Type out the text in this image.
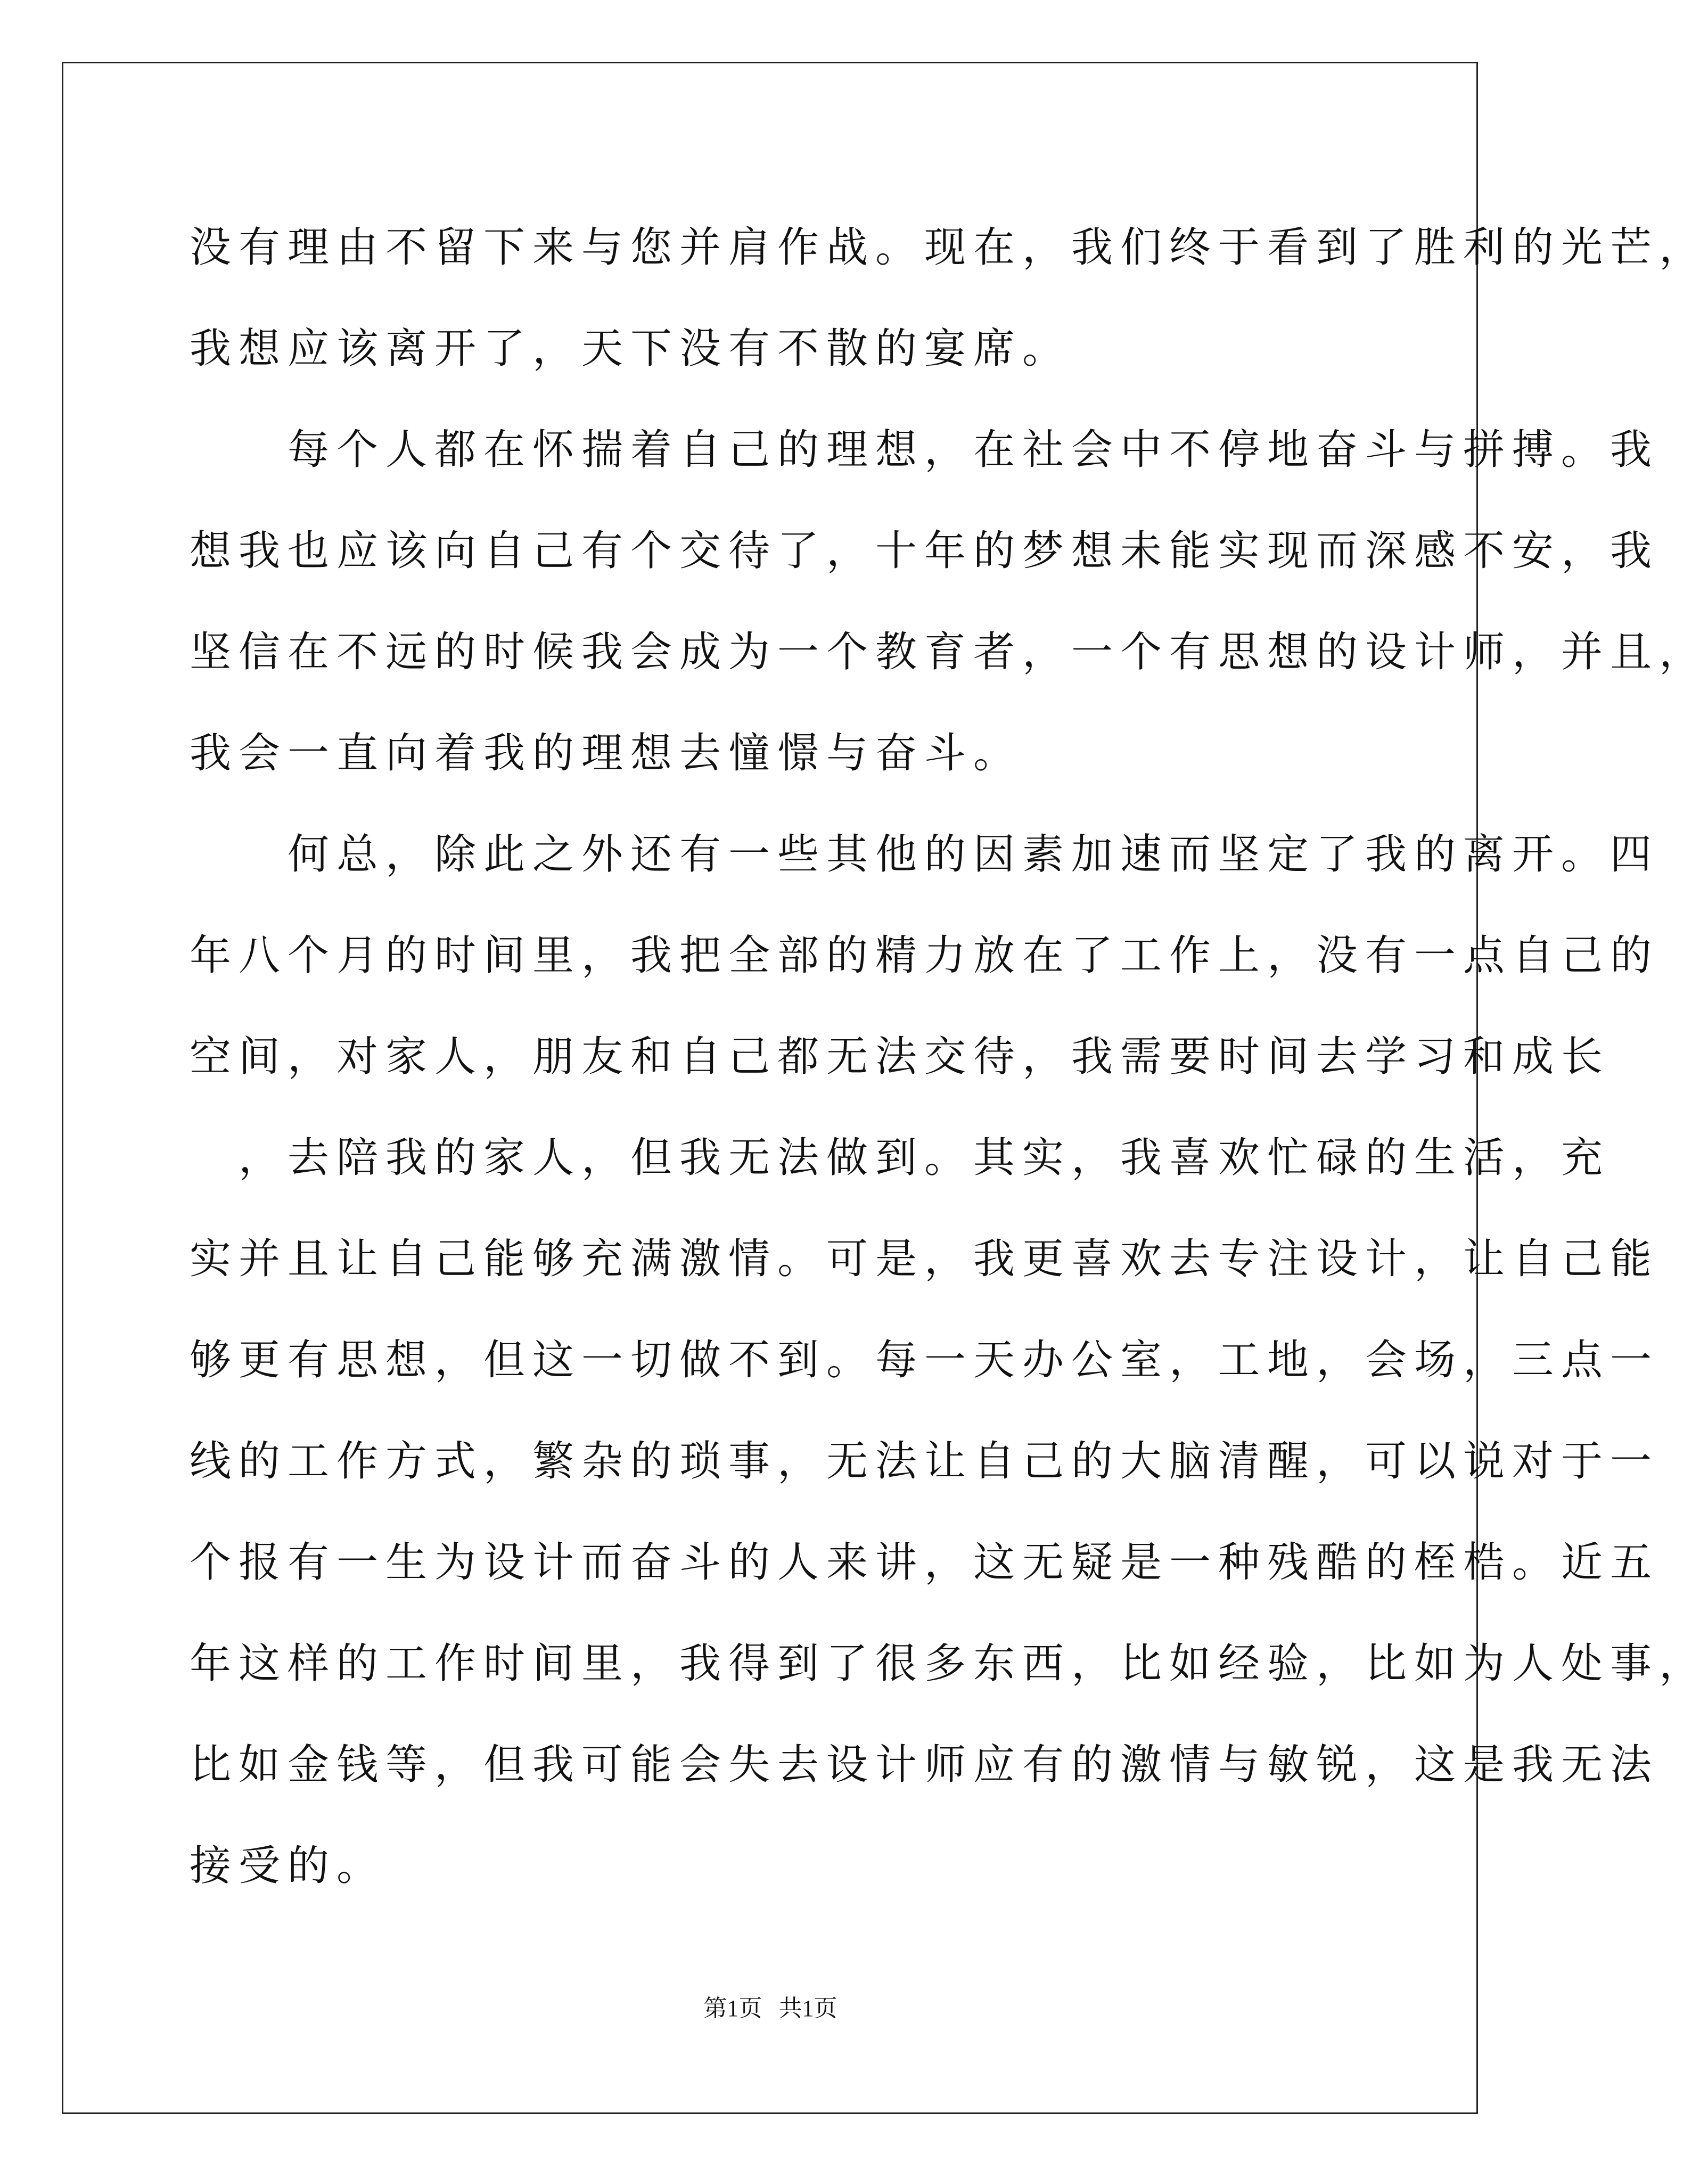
没有理由不留下来与您并肩作战。现在，我们终于看到了胜利的光芒，
我想应该离开了，天下没有不散的宴席。
　　每个人都在怀揣着自己的理想，在社会中不停地奋斗与拼搏。我
想我也应该向自己有个交待了，十年的梦想未能实现而深感不安，我
坚信在不远的时候我会成为一个教育者，一个有思想的设计师，并且，
我会一直向着我的理想去憧憬与奋斗。
　　何总，除此之外还有一些其他的因素加速而坚定了我的离开。四
年八个月的时间里，我把全部的精力放在了工作上，没有一点自己的
空间，对家人，朋友和自己都无法交待，我需要时间去学习和成长
　，去陪我的家人，但我无法做到。其实，我喜欢忙碌的生活，充
实并且让自己能够充满激情。可是，我更喜欢去专注设计，让自己能
够更有思想，但这一切做不到。每一天办公室，工地，会场，三点一
线的工作方式，繁杂的琐事，无法让自己的大脑清醒，可以说对于一
个报有一生为设计而奋斗的人来讲，这无疑是一种残酷的桎梏。近五
年这样的工作时间里，我得到了很多东西，比如经验，比如为人处事，
比如金钱等，但我可能会失去设计师应有的激情与敏锐，这是我无法
接受的。
第1页 共1页
